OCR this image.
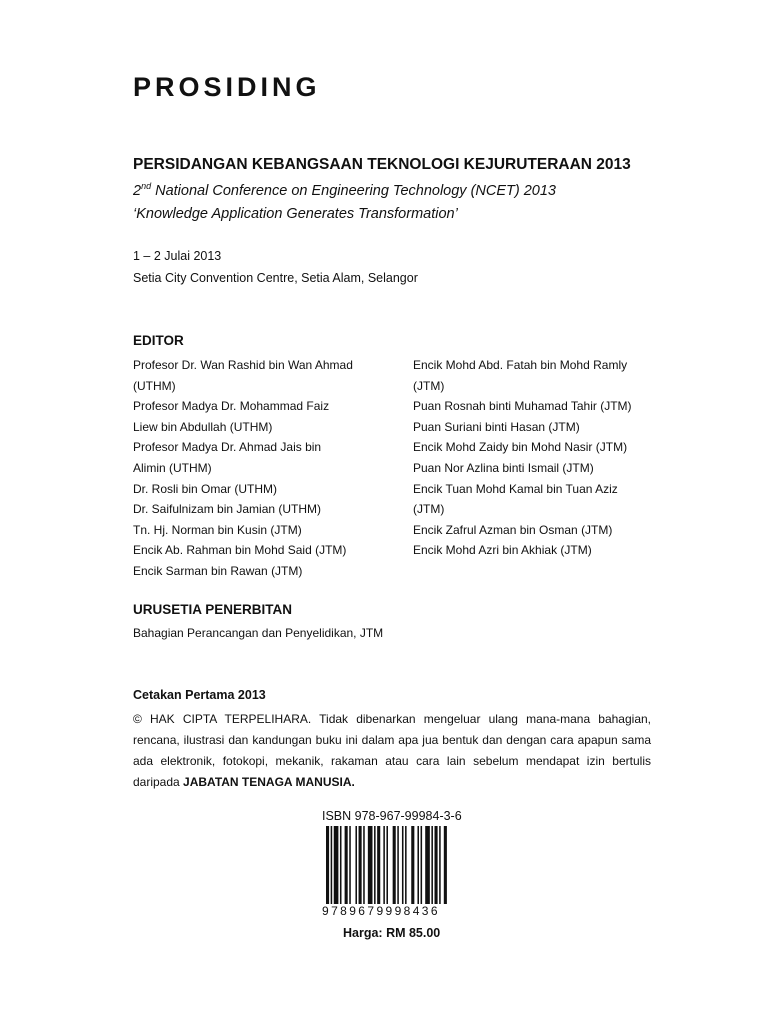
PROSIDING
PERSIDANGAN KEBANGSAAN TEKNOLOGI KEJURUTERAAN 2013
2nd National Conference on Engineering Technology (NCET) 2013
‘Knowledge Application Generates Transformation’
1 – 2 Julai 2013
Setia City Convention Centre, Setia Alam, Selangor
EDITOR
Profesor Dr. Wan Rashid bin Wan Ahmad
(UTHM)
Profesor Madya Dr. Mohammad Faiz
Liew bin Abdullah (UTHM)
Profesor Madya Dr. Ahmad Jais bin
Alimin (UTHM)
Dr. Rosli bin Omar (UTHM)
Dr. Saifulnizam bin Jamian (UTHM)
Tn. Hj. Norman bin Kusin (JTM)
Encik Ab. Rahman bin Mohd Said (JTM)
Encik Sarman bin Rawan (JTM)
Encik Mohd Abd. Fatah bin Mohd Ramly
(JTM)
Puan Rosnah binti Muhamad Tahir (JTM)
Puan Suriani binti Hasan (JTM)
Encik Mohd Zaidy bin Mohd Nasir (JTM)
Puan Nor Azlina binti Ismail (JTM)
Encik Tuan Mohd Kamal bin Tuan Aziz
(JTM)
Encik Zafrul Azman bin Osman (JTM)
Encik Mohd Azri bin Akhiak (JTM)
URUSETIA PENERBITAN
Bahagian Perancangan dan Penyelidikan, JTM
Cetakan Pertama 2013
© HAK CIPTA TERPELIHARA. Tidak dibenarkan mengeluar ulang mana-mana bahagian, rencana, ilustrasi dan kandungan buku ini dalam apa jua bentuk dan dengan cara apapun sama ada elektronik, fotokopi, mekanik, rakaman atau cara lain sebelum mendapat izin bertulis daripada JABATAN TENAGA MANUSIA.
ISBN 978-967-99984-3-6
9789679998436
Harga: RM 85.00
